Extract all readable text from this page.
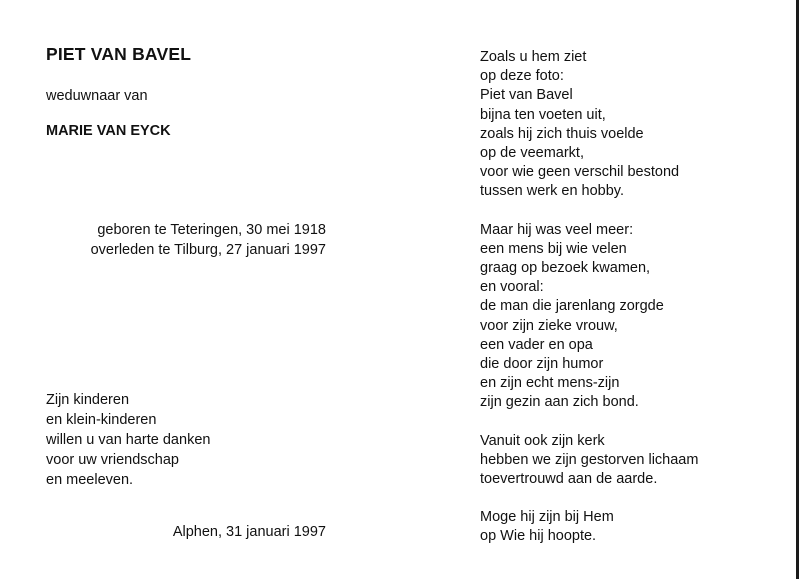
PIET VAN BAVEL
weduwnaar van
MARIE VAN EYCK
geboren te Teteringen, 30 mei 1918
overleden te Tilburg, 27 januari 1997
Zijn kinderen
en klein-kinderen
willen u van harte danken
voor uw vriendschap
en meeleven.
Alphen, 31 januari 1997
Zoals u hem ziet
op deze foto:
Piet van Bavel
bijna ten voeten uit,
zoals hij zich thuis voelde
op de veemarkt,
voor wie geen verschil bestond
tussen werk en hobby.
Maar hij was veel meer:
een mens bij wie velen
graag op bezoek kwamen,
en vooral:
de man die jarenlang zorgde
voor zijn zieke vrouw,
een vader en opa
die door zijn humor
en zijn echt mens-zijn
zijn gezin aan zich bond.
Vanuit ook zijn kerk
hebben we zijn gestorven lichaam
toevertrouwd aan de aarde.
Moge hij zijn bij Hem
op Wie hij hoopte.
